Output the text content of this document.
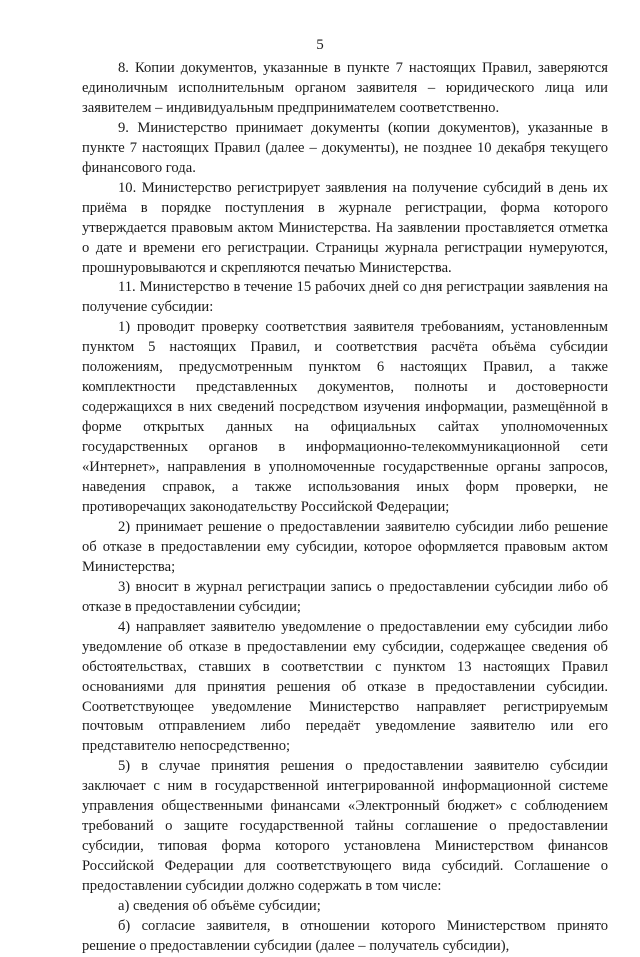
5

8. Копии документов, указанные в пункте 7 настоящих Правил, заверяются единоличным исполнительным органом заявителя – юридического лица или заявителем – индивидуальным предпринимателем соответственно.

9. Министерство принимает документы (копии документов), указанные в пункте 7 настоящих Правил (далее – документы), не позднее 10 декабря текущего финансового года.

10. Министерство регистрирует заявления на получение субсидий в день их приёма в порядке поступления в журнале регистрации, форма которого утверждается правовым актом Министерства. На заявлении проставляется отметка о дате и времени его регистрации. Страницы журнала регистрации нумеруются, прошнуровываются и скрепляются печатью Министерства.

11. Министерство в течение 15 рабочих дней со дня регистрации заявления на получение субсидии:

1) проводит проверку соответствия заявителя требованиям, установленным пунктом 5 настоящих Правил, и соответствия расчёта объёма субсидии положениям, предусмотренным пунктом 6 настоящих Правил, а также комплектности представленных документов, полноты и достоверности содержащихся в них сведений посредством изучения информации, размещённой в форме открытых данных на официальных сайтах уполномоченных государственных органов в информационно-телекоммуникационной сети «Интернет», направления в уполномоченные государственные органы запросов, наведения справок, а также использования иных форм проверки, не противоречащих законодательству Российской Федерации;

2) принимает решение о предоставлении заявителю субсидии либо решение об отказе в предоставлении ему субсидии, которое оформляется правовым актом Министерства;

3) вносит в журнал регистрации запись о предоставлении субсидии либо об отказе в предоставлении субсидии;

4) направляет заявителю уведомление о предоставлении ему субсидии либо уведомление об отказе в предоставлении ему субсидии, содержащее сведения об обстоятельствах, ставших в соответствии с пунктом 13 настоящих Правил основаниями для принятия решения об отказе в предоставлении субсидии. Соответствующее уведомление Министерство направляет регистрируемым почтовым отправлением либо передаёт уведомление заявителю или его представителю непосредственно;

5) в случае принятия решения о предоставлении заявителю субсидии заключает с ним в государственной интегрированной информационной системе управления общественными финансами «Электронный бюджет» с соблюдением требований о защите государственной тайны соглашение о предоставлении субсидии, типовая форма которого установлена Министерством финансов Российской Федерации для соответствующего вида субсидий. Соглашение о предоставлении субсидии должно содержать в том числе:

а) сведения об объёме субсидии;

б) согласие заявителя, в отношении которого Министерством принято решение о предоставлении субсидии (далее – получатель субсидии),
